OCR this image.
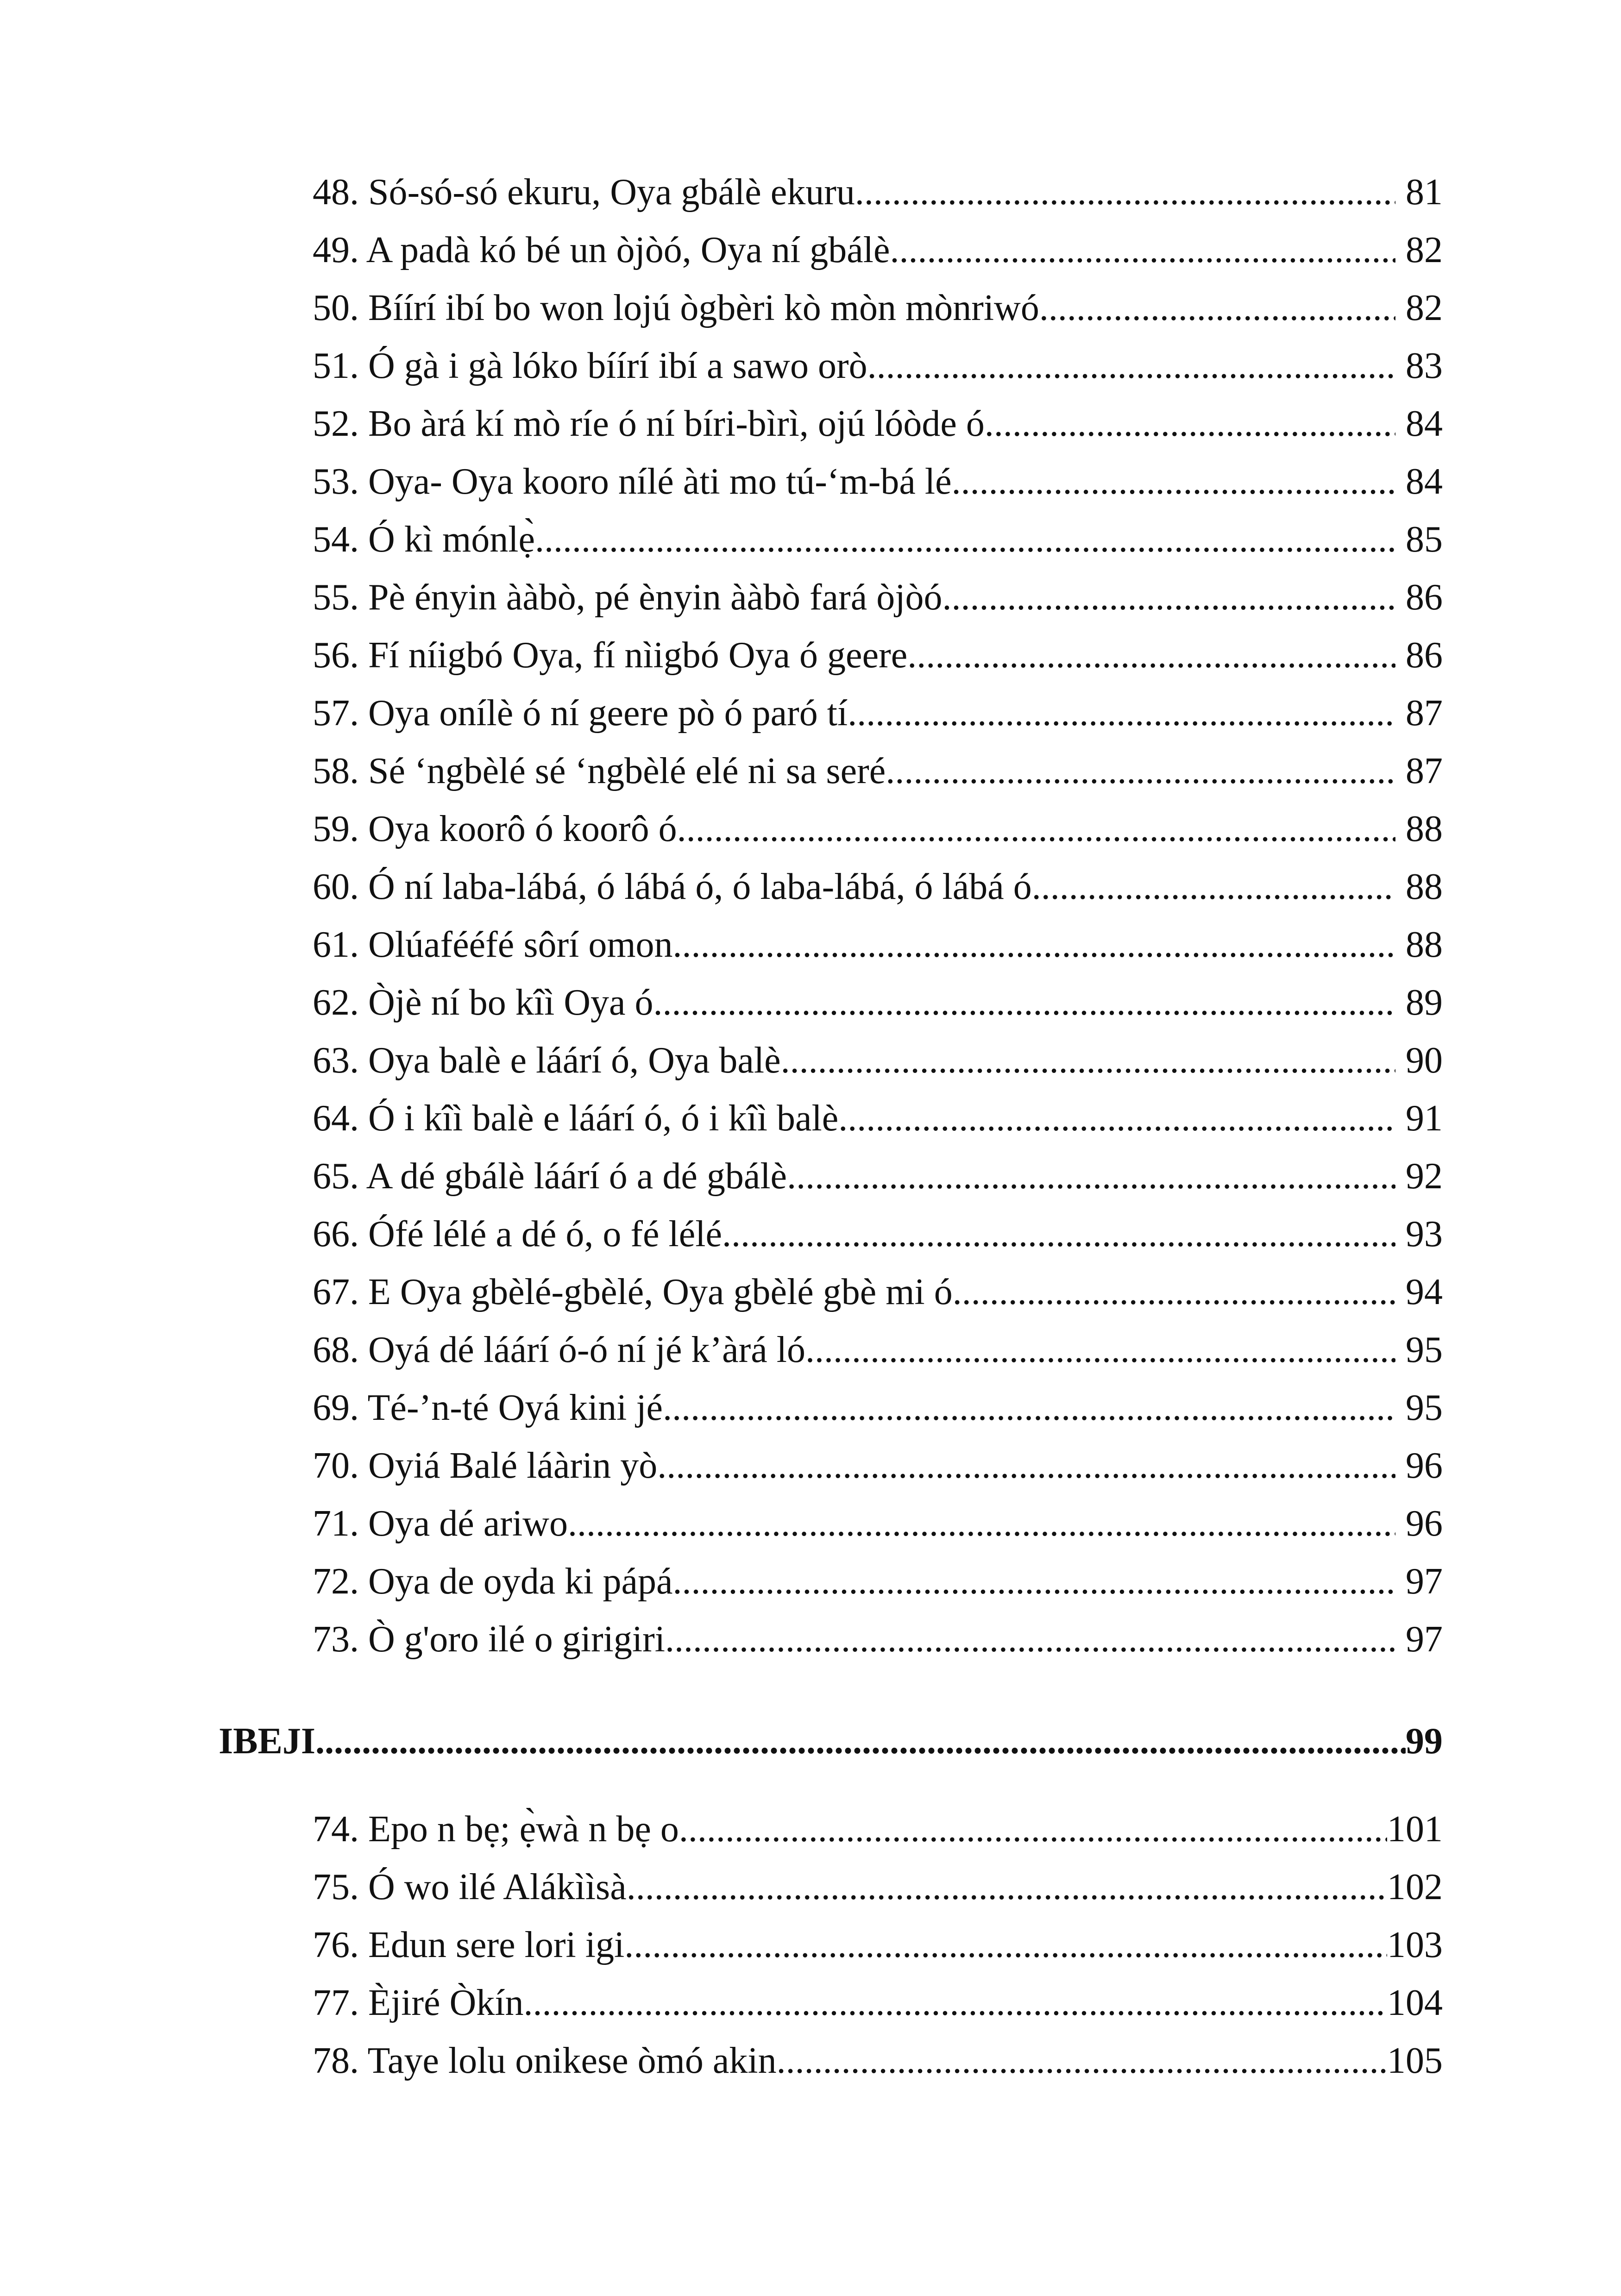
48. Só-só-só ekuru, Oya gbálè ekuru .....	81
49. A padà kó bé un òjòó, Oya ní gbálè .....	82
50. Bíírí ibí bo won lojú ògbèri kò mòn mònriwó .....	82
51. Ó gà i gà lóko bíírí ibí a sawo orò .....	83
52. Bo àrá kí mò ríe ó ní bíri-bìrì, ojú lóòde ó .....	84
53. Oya- Oya kooro nílé àti mo tú-‘m-bá lé .....	84
54. Ó kì mónlẹ̀ .....	85
55. Pè ényin ààbò, pé ènyin ààbò fará òjòó .....	86
56. Fí níigbó Oya, fí nìigbó Oya ó geere .....	86
57. Oya onílè ó ní geere pò ó paró tí .....	87
58. Sé ‘ngbèlé sé ‘ngbèlé elé ni sa seré .....	87
59. Oya koorô ó koorô ó .....	88
60. Ó ní laba-lábá, ó lábá ó, ó laba-lábá, ó lábá ó .....	88
61. Olúafééfé sôrí omon .....	88
62. Òjè ní bo kîì Oya ó .....	89
63. Oya balè e láárí ó, Oya balè .....	90
64. Ó i kîì balè e láárí ó, ó i kîì balè .....	91
65. A dé gbálè láárí ó a dé gbálè .....	92
66. Ófé lélé a dé ó, o fé lélé .....	93
67. E Oya gbèlé-gbèlé, Oya gbèlé gbè mi ó .....	94
68. Oyá dé láárí ó-ó ní jé k’àrá ló .....	95
69. Té-’n-té Oyá kini jé .....	95
70. Oyiá Balé láàrin yò .....	96
71. Oya dé ariwo .....	96
72. Oya de oyda ki pápá .....	97
73. Ò g'oro ilé o girigiri .....	97
IBEJI .....	99
74. Epo n bẹ; ẹ̀wà n bẹ o .....	101
75. Ó wo ilé Alákììsà .....	102
76. Edun sere lori igi .....	103
77. Èjiré Òkín .....	104
78. Taye lolu onikese òmó akin .....	105
